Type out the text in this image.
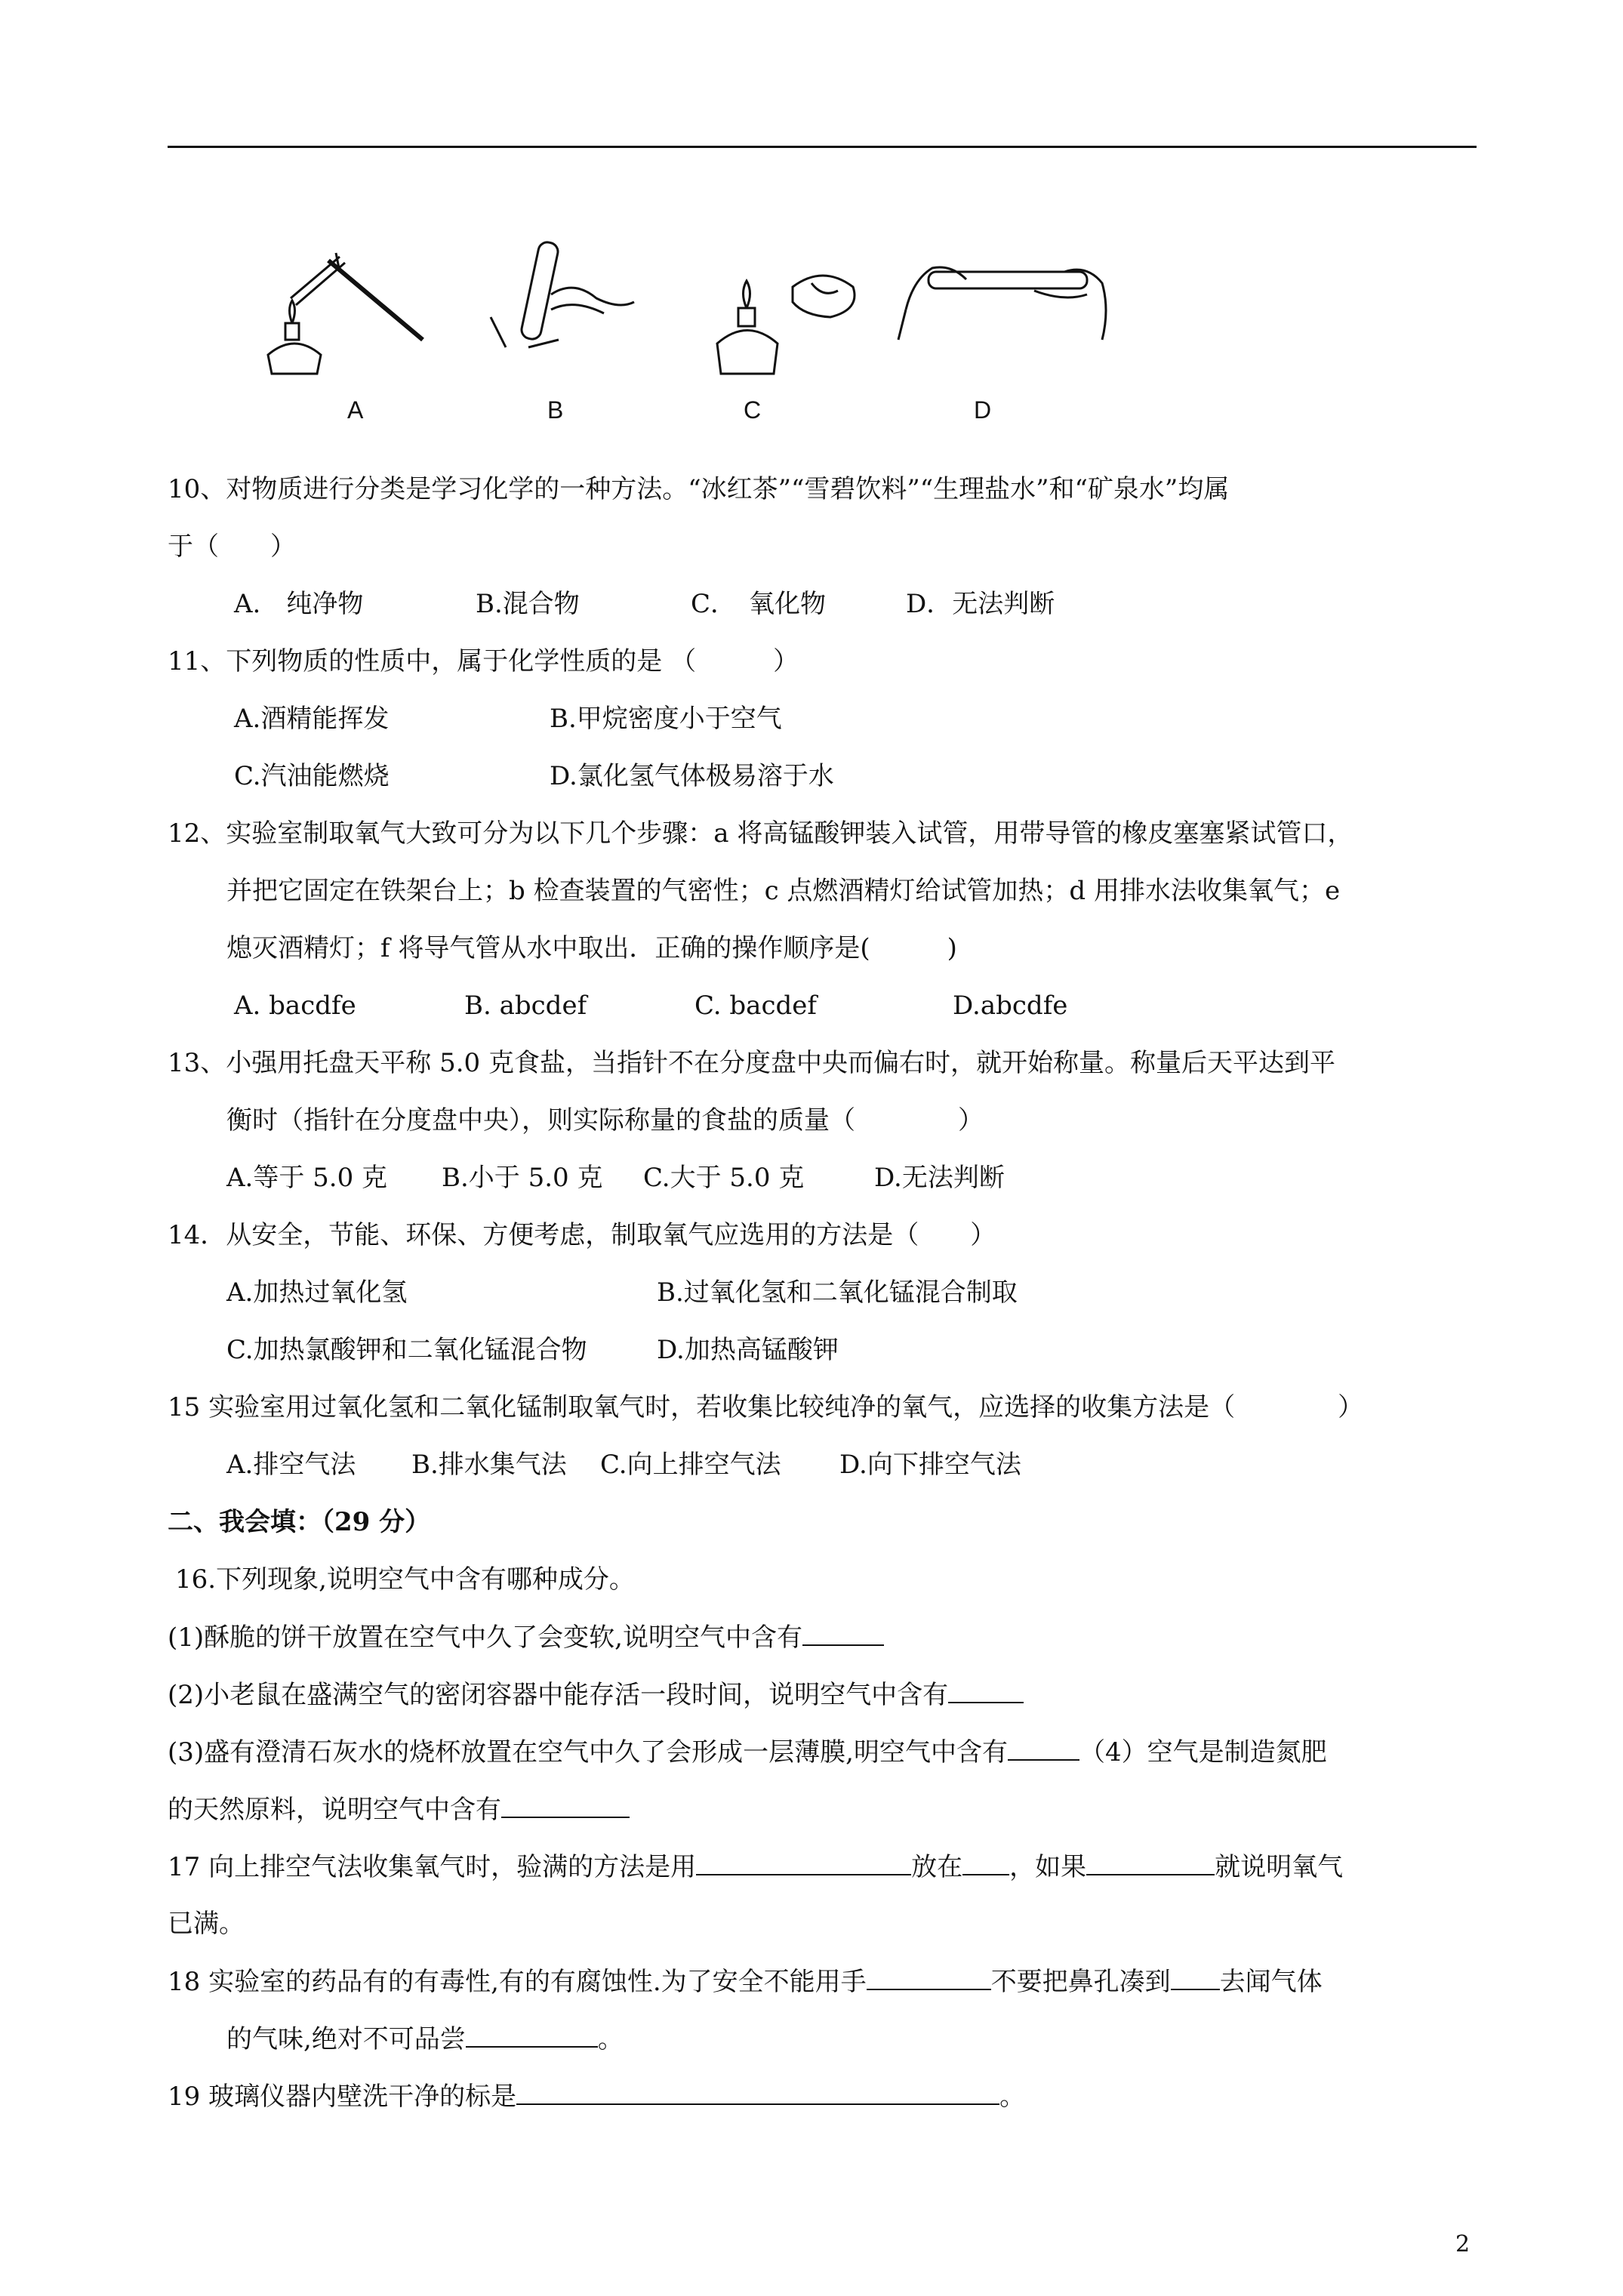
A	B	C	D
10、对物质进行分类是学习化学的一种方法。“冰红茶”“雪碧饮料”“生理盐水”和“矿泉水”均属
于（　　）
A.　纯净物	B.混合物	C．　氧化物	D．无法判断
11、下列物质的性质中，属于化学性质的是 （　　　）
A.酒精能挥发	B.甲烷密度小于空气
C.汽油能燃烧	D.氯化氢气体极易溶于水
12、实验室制取氧气大致可分为以下几个步骤：a 将高锰酸钾装入试管，用带导管的橡皮塞塞紧试管口，
并把它固定在铁架台上；b 检查装置的气密性；c 点燃酒精灯给试管加热；d 用排水法收集氧气；e
熄灭酒精灯；f 将导气管从水中取出．正确的操作顺序是(　　　)
A. bacdfe	B. abcdef	C. bacdef	D.abcdfe
13、小强用托盘天平称 5.0 克食盐，当指针不在分度盘中央而偏右时，就开始称量。称量后天平达到平
衡时（指针在分度盘中央），则实际称量的食盐的质量（　　　　）
A.等于 5.0 克 B.小于 5.0 克 C.大于 5.0 克	D.无法判断
14．从安全，节能、环保、方便考虑，制取氧气应选用的方法是（　　）
A.加热过氧化氢	B.过氧化氢和二氧化锰混合制取
C.加热氯酸钾和二氧化锰混合物	D.加热高锰酸钾
15 实验室用过氧化氢和二氧化锰制取氧气时，若收集比较纯净的氧气，应选择的收集方法是（　　　　）
A.排空气法 B.排水集气法 C.向上排空气法 D.向下排空气法
二、我会填：（29 分）
16.下列现象,说明空气中含有哪种成分。
(1)酥脆的饼干放置在空气中久了会变软,说明空气中含有
(2)小老鼠在盛满空气的密闭容器中能存活一段时间，说明空气中含有
(3)盛有澄清石灰水的烧杯放置在空气中久了会形成一层薄膜,明空气中含有	（4）空气是制造氮肥
的天然原料，说明空气中含有
17 向上排空气法收集氧气时，验满的方法是用	放在 ，如果	就说明氧气
已满。
18 实验室的药品有的有毒性,有的有腐蚀性.为了安全不能用手	不要把鼻孔凑到 去闻气体
的气味,绝对不可品尝	。
19 玻璃仪器内壁洗干净的标是	。
2
